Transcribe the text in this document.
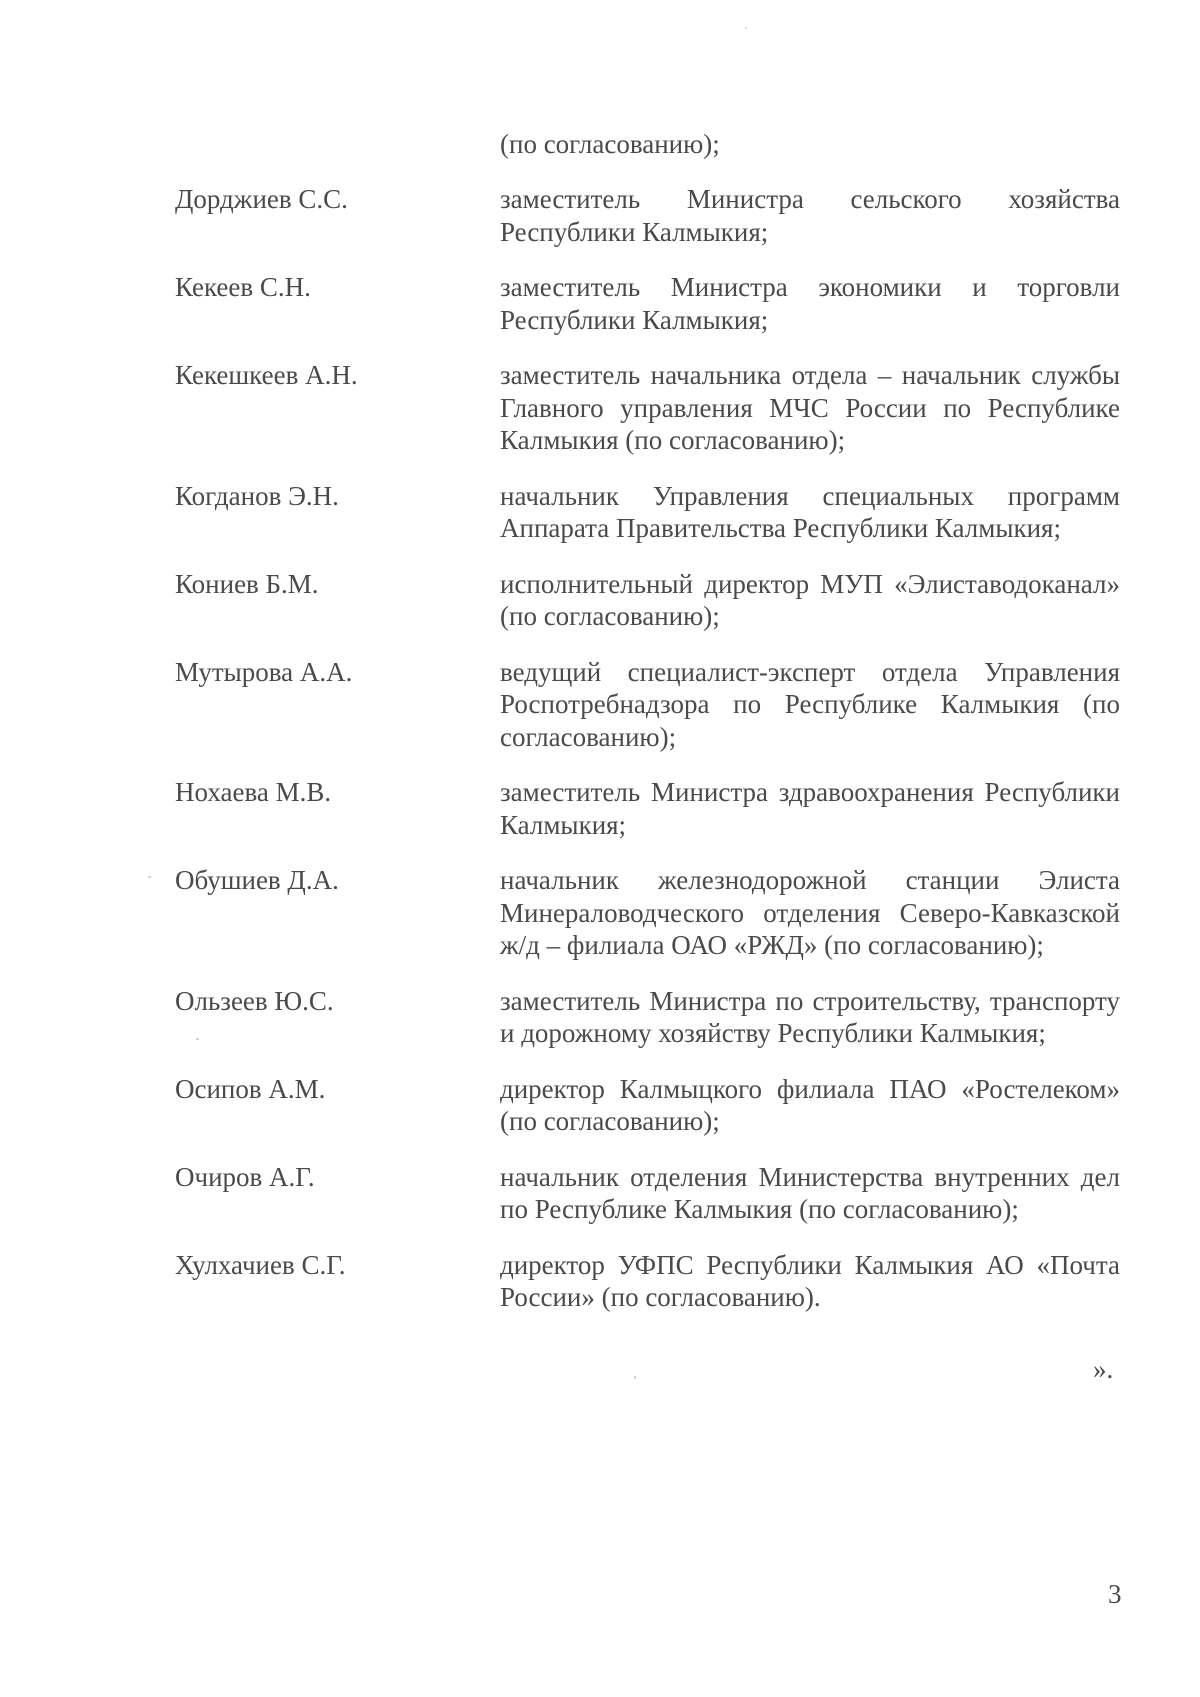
(по согласованию);
Дорджиев С.С.	заместитель Министра сельского хозяйства Республики Калмыкия;
Кекеев С.Н.	заместитель Министра экономики и торговли Республики Калмыкия;
Кекешкеев А.Н.	заместитель начальника отдела – начальник службы Главного управления МЧС России по Республике Калмыкия (по согласованию);
Когданов Э.Н.	начальник Управления специальных программ Аппарата Правительства Республики Калмыкия;
Кониев Б.М.	исполнительный директор МУП «Элиставодоканал» (по согласованию);
Мутырова А.А.	ведущий специалист-эксперт отдела Управления Роспотребнадзора по Республике Калмыкия (по согласованию);
Нохаева М.В.	заместитель Министра здравоохранения Республики Калмыкия;
Обушиев Д.А.	начальник железнодорожной станции Элиста Минераловодческого отделения Северо-Кавказской ж/д – филиала ОАО «РЖД» (по согласованию);
Ользеев Ю.С.	заместитель Министра по строительству, транспорту и дорожному хозяйству Республики Калмыкия;
Осипов А.М.	директор Калмыцкого филиала ПАО «Ростелеком» (по согласованию);
Очиров А.Г.	начальник отделения Министерства внутренних дел по Республике Калмыкия (по согласованию);
Хулхачиев С.Г.	директор УФПС Республики Калмыкия АО «Почта России» (по согласованию).
».
3
